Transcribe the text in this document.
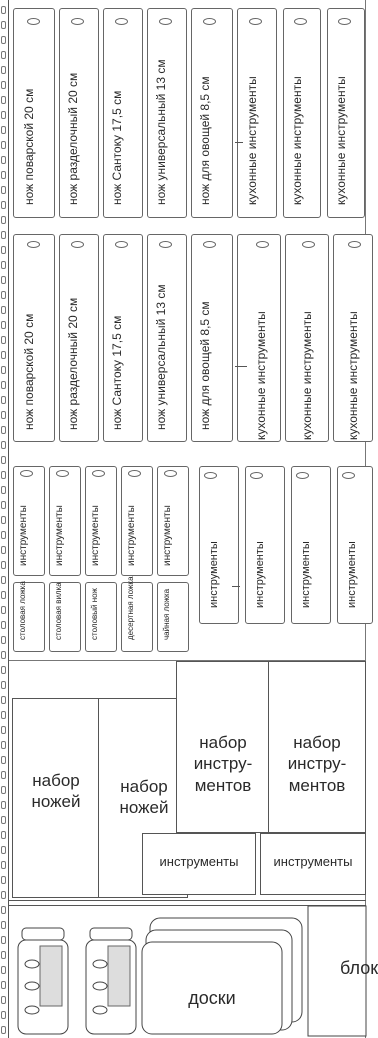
набор
ножей
набор
ножей
набор
инстру-
ментов
набор
инстру-
ментов
инструменты	инструменты
доски
блок
нож поварской 20 см	нож разделочный 20 см	нож Сантоку 17,5 см	нож универсальный 13 см	нож для овощей 8,5 см	кухонные инструменты	кухонные инструменты	кухонные инструменты
нож поварской 20 см	нож разделочный 20 см	нож Сантоку 17,5 см	нож универсальный 13 см	нож для овощей 8,5 см	кухонные инструменты	кухонные инструменты	кухонные инструменты
инструменты	инструменты	инструменты	инструменты	инструменты
столовая ложка	столовая вилка	столовый нож	десертная ложка	чайная ложка
инструменты	инструменты	инструменты	инструменты
